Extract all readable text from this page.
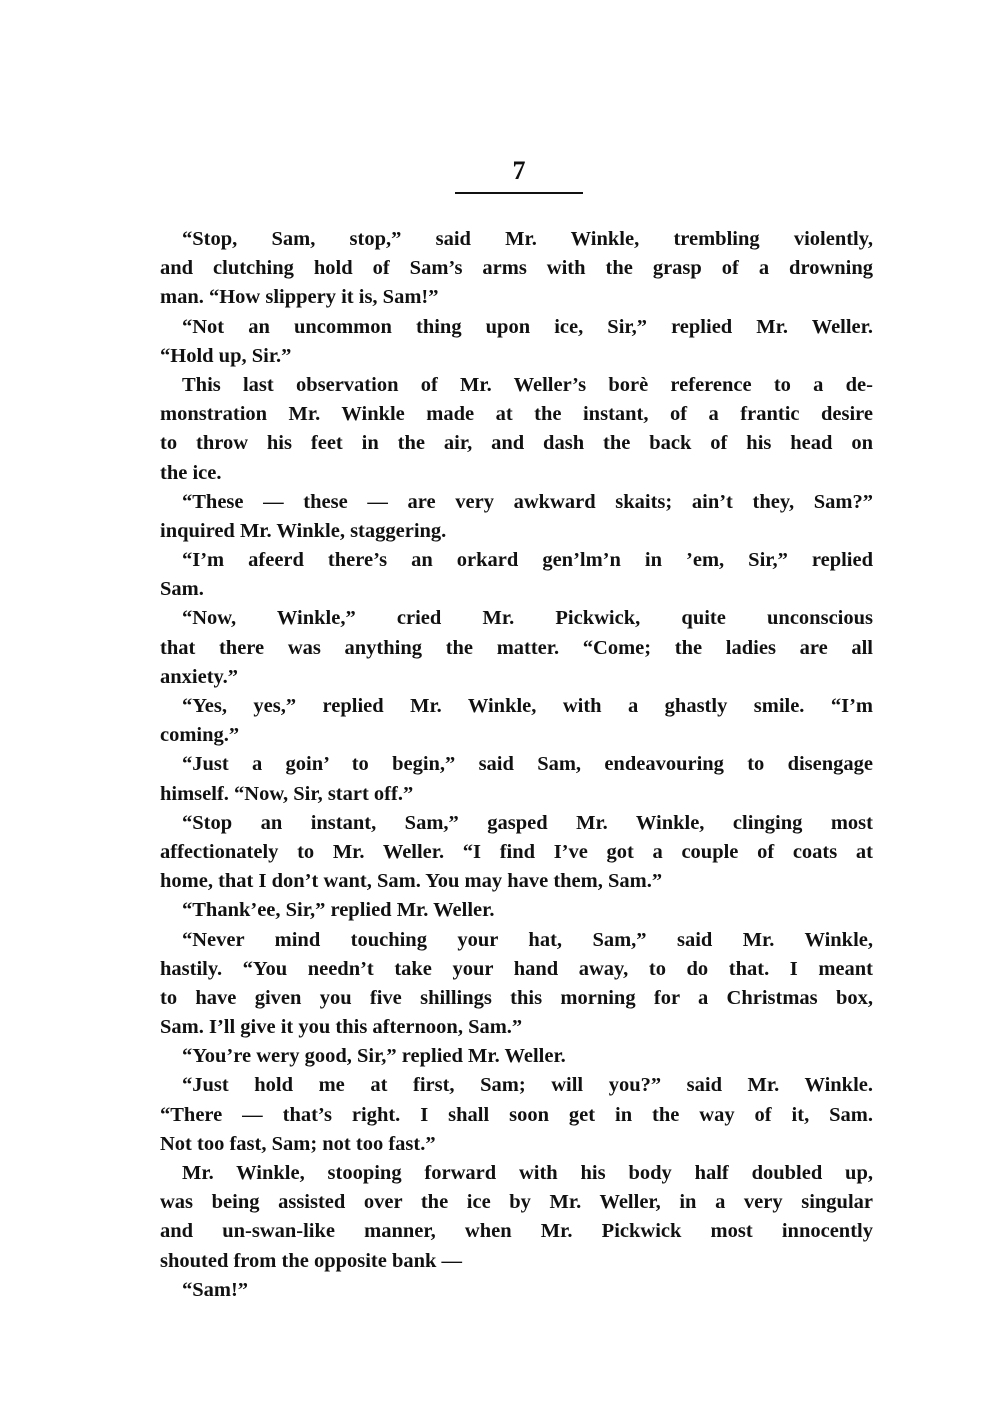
7
“Stop, Sam, stop,” said Mr. Winkle, trembling violently,
and clutching hold of Sam’s arms with the grasp of a drowning
man. “How slippery it is, Sam!”
“Not an uncommon thing upon ice, Sir,” replied Mr. Weller.
“Hold up, Sir.”
This last observation of Mr. Weller’s borè reference to a de-
monstration Mr. Winkle made at the instant, of a frantic desire
to throw his feet in the air, and dash the back of his head on
the ice.
“These — these — are very awkward skaits; ain’t they, Sam?”
inquired Mr. Winkle, staggering.
“I’m afeerd there’s an orkard gen’lm’n in ’em, Sir,” replied
Sam.
“Now, Winkle,” cried Mr. Pickwick, quite unconscious
that there was anything the matter. “Come; the ladies are all
anxiety.”
“Yes, yes,” replied Mr. Winkle, with a ghastly smile. “I’m
coming.”
“Just a goin’ to begin,” said Sam, endeavouring to disengage
himself. “Now, Sir, start off.”
“Stop an instant, Sam,” gasped Mr. Winkle, clinging most
affectionately to Mr. Weller. “I find I’ve got a couple of coats at
home, that I don’t want, Sam. You may have them, Sam.”
“Thank’ee, Sir,” replied Mr. Weller.
“Never mind touching your hat, Sam,” said Mr. Winkle,
hastily. “You needn’t take your hand away, to do that. I meant
to have given you five shillings this morning for a Christmas box,
Sam. I’ll give it you this afternoon, Sam.”
“You’re wery good, Sir,” replied Mr. Weller.
“Just hold me at first, Sam; will you?” said Mr. Winkle.
“There — that’s right. I shall soon get in the way of it, Sam.
Not too fast, Sam; not too fast.”
Mr. Winkle, stooping forward with his body half doubled up,
was being assisted over the ice by Mr. Weller, in a very singular
and un-swan-like manner, when Mr. Pickwick most innocently
shouted from the opposite bank —
“Sam!”
